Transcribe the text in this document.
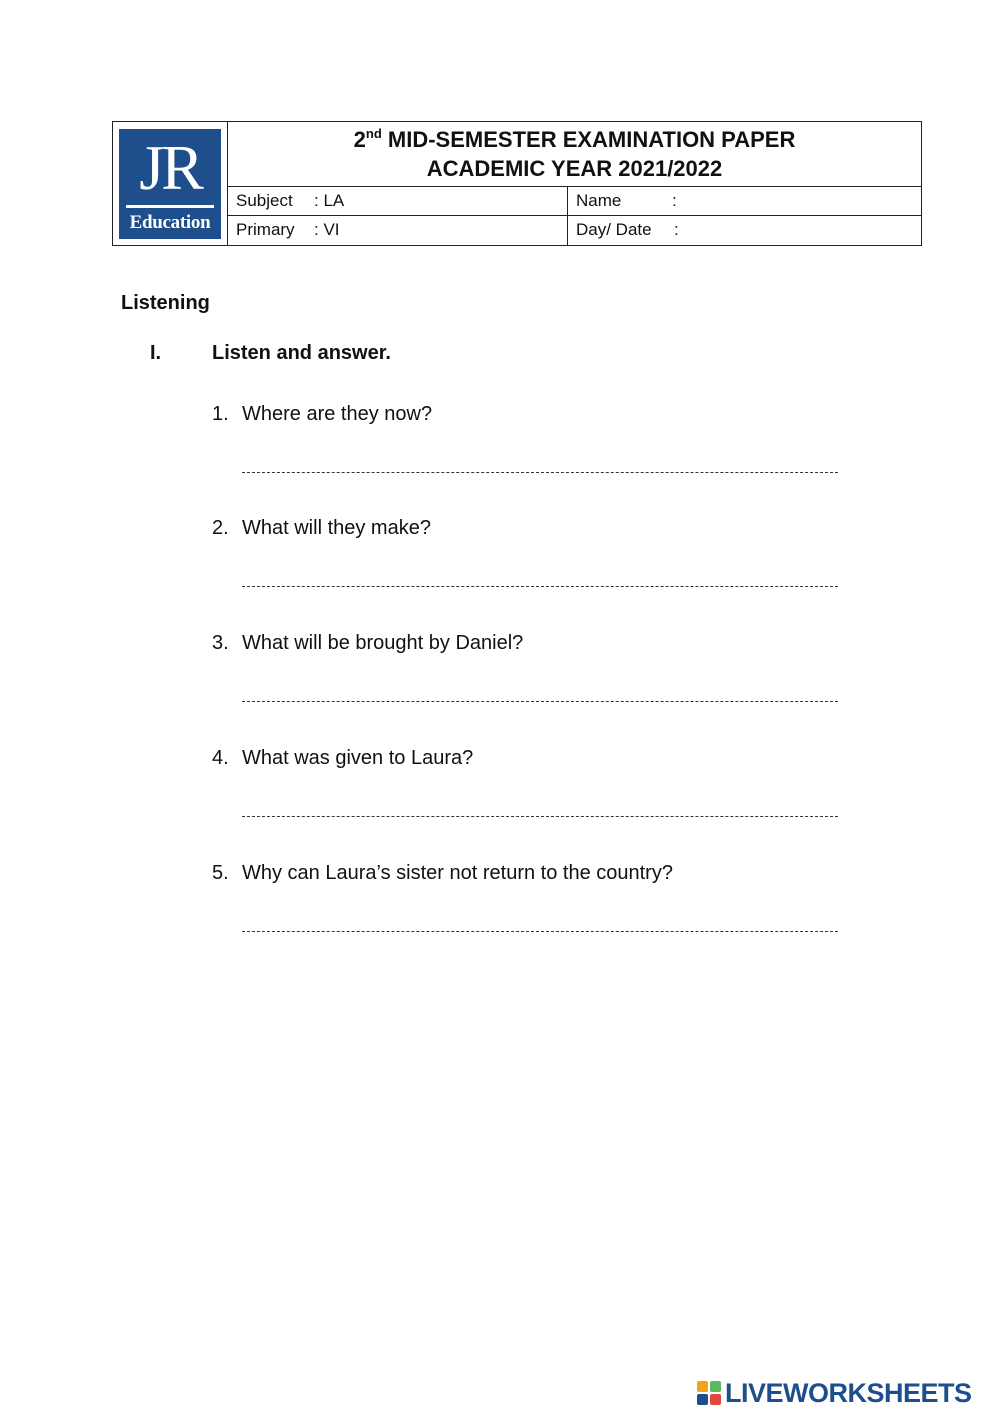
JR
Education
2nd MID-SEMESTER EXAMINATION PAPER
ACADEMIC YEAR 2021/2022
Subject	: LA	Name	:
Primary	: VI	Day/ Date	:
Listening
I.	Listen and answer.
1. Where are they now?
2. What will they make?
3. What will be brought by Daniel?
4. What was given to Laura?
5. Why can Laura’s sister not return to the country?
LIVEWORKSHEETS
